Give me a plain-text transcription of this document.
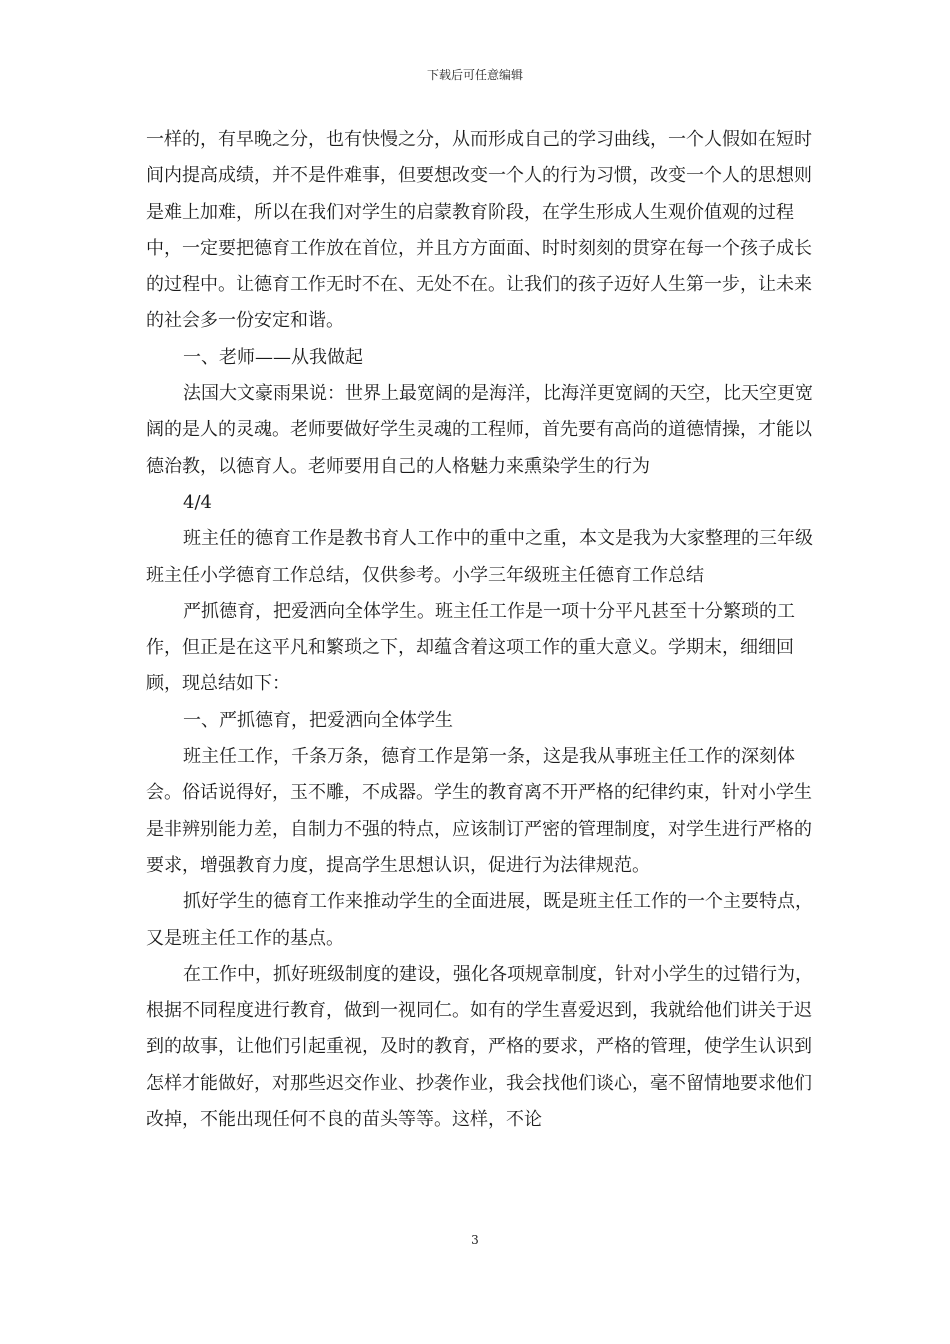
下载后可任意编辑

一样的，有早晚之分，也有快慢之分，从而形成自己的学习曲线，一个人假如在短时间内提高成绩，并不是件难事，但要想改变一个人的行为习惯，改变一个人的思想则是难上加难，所以在我们对学生的启蒙教育阶段，在学生形成人生观价值观的过程中，一定要把德育工作放在首位，并且方方面面、时时刻刻的贯穿在每一个孩子成长的过程中。让德育工作无时不在、无处不在。让我们的孩子迈好人生第一步，让未来的社会多一份安定和谐。

一、老师——从我做起

法国大文豪雨果说：世界上最宽阔的是海洋，比海洋更宽阔的天空，比天空更宽阔的是人的灵魂。老师要做好学生灵魂的工程师，首先要有高尚的道德情操，才能以德治教，以德育人。老师要用自己的人格魅力来熏染学生的行为

4/4

班主任的德育工作是教书育人工作中的重中之重，本文是我为大家整理的三年级班主任小学德育工作总结，仅供参考。小学三年级班主任德育工作总结

严抓德育，把爱洒向全体学生。班主任工作是一项十分平凡甚至十分繁琐的工作，但正是在这平凡和繁琐之下，却蕴含着这项工作的重大意义。学期末，细细回顾，现总结如下：

一、严抓德育，把爱洒向全体学生

班主任工作，千条万条，德育工作是第一条，这是我从事班主任工作的深刻体会。俗话说得好，玉不雕，不成器。学生的教育离不开严格的纪律约束，针对小学生是非辨别能力差，自制力不强的特点，应该制订严密的管理制度，对学生进行严格的要求，增强教育力度，提高学生思想认识，促进行为法律规范。

抓好学生的德育工作来推动学生的全面进展，既是班主任工作的一个主要特点，又是班主任工作的基点。

在工作中，抓好班级制度的建设，强化各项规章制度，针对小学生的过错行为，根据不同程度进行教育，做到一视同仁。如有的学生喜爱迟到，我就给他们讲关于迟到的故事，让他们引起重视，及时的教育，严格的要求，严格的管理，使学生认识到怎样才能做好，对那些迟交作业、抄袭作业，我会找他们谈心，毫不留情地要求他们改掉，不能出现任何不良的苗头等等。这样，不论

3
